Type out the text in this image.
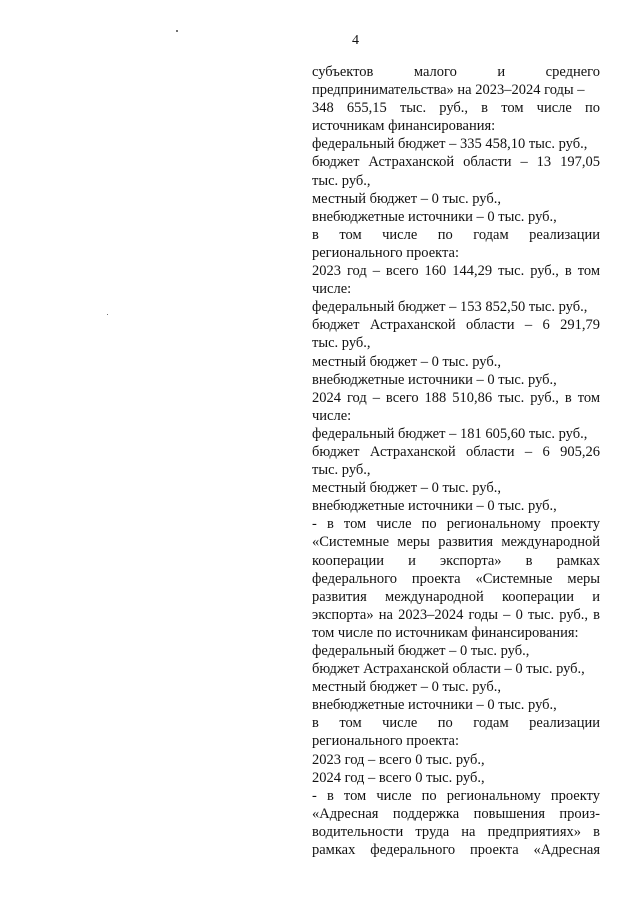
4
субъектов малого и среднего
предпринимательства» на 2023–2024 годы –
348 655,15 тыс. руб., в том числе по
источникам финансирования:
федеральный бюджет – 335 458,10 тыс. руб.,
бюджет Астраханской области – 13 197,05
тыс. руб.,
местный бюджет – 0 тыс. руб.,
внебюджетные источники – 0 тыс. руб.,
в том числе по годам реализации
регионального проекта:
2023 год – всего 160 144,29 тыс. руб., в том
числе:
федеральный бюджет – 153 852,50 тыс. руб.,
бюджет Астраханской области – 6 291,79
тыс. руб.,
местный бюджет – 0 тыс. руб.,
внебюджетные источники – 0 тыс. руб.,
2024 год – всего 188 510,86 тыс. руб., в том
числе:
федеральный бюджет – 181 605,60 тыс. руб.,
бюджет Астраханской области – 6 905,26
тыс. руб.,
местный бюджет – 0 тыс. руб.,
внебюджетные источники – 0 тыс. руб.,
- в том числе по региональному проекту
«Системные меры развития международной
кооперации и экспорта» в рамках
федерального проекта «Системные меры
развития международной кооперации и
экспорта» на 2023–2024 годы – 0 тыс. руб., в
том числе по источникам финансирования:
федеральный бюджет – 0 тыс. руб.,
бюджет Астраханской области – 0 тыс. руб.,
местный бюджет – 0 тыс. руб.,
внебюджетные источники – 0 тыс. руб.,
в том числе по годам реализации
регионального проекта:
2023 год – всего 0 тыс. руб.,
2024 год – всего 0 тыс. руб.,
- в том числе по региональному проекту
«Адресная поддержка повышения произ-
водительности труда на предприятиях» в
рамках федерального проекта «Адресная
